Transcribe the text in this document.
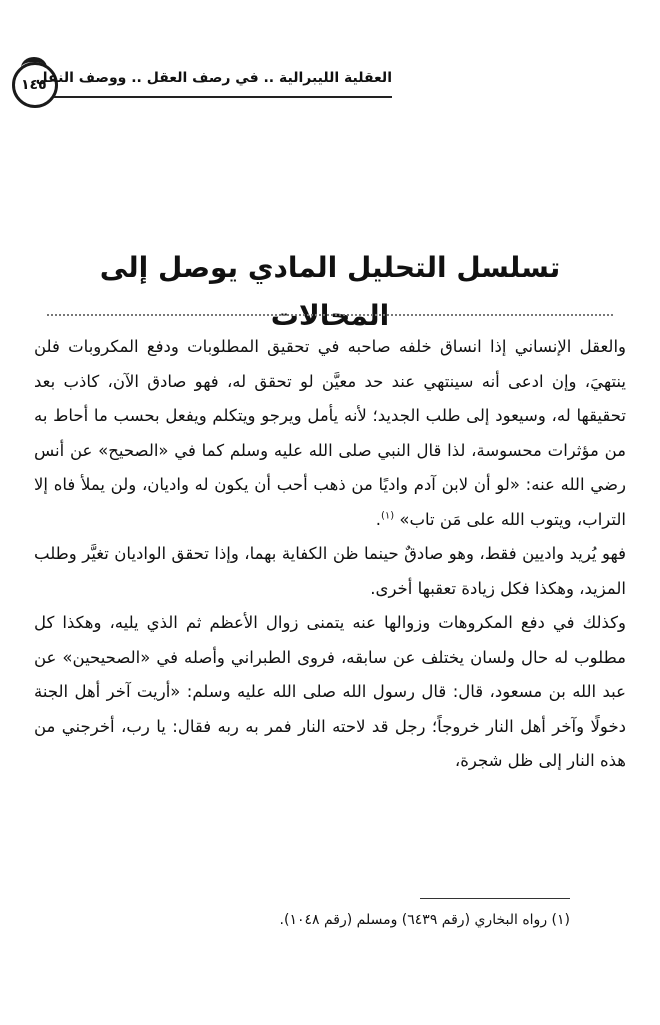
١٤٥
العقلية الليبرالية .. في رصف العقل .. ووصف النقل
تسلسل التحليل المادي يوصل إلى
المحالات

والعقل الإنساني إذا انساق خلفه صاحبه في تحقيق المطلوبات ودفع المكروبات فلن ينتهيَ، وإن ادعى أنه سينتهي عند حد معيَّن لو تحقق له، فهو صادق الآن، كاذب بعد تحقيقها له، وسيعود إلى طلب الجديد؛ لأنه يأمل ويرجو ويتكلم ويفعل بحسب ما أحاط به من مؤثرات محسوسة، لذا قال النبي صلى الله عليه وسلم كما في «الصحيح» عن أنس رضي الله عنه: «لو أن لابن آدم واديًا من ذهب أحب أن يكون له واديان، ولن يملأ فاه إلا التراب، ويتوب الله على مَن تاب» $^{(١)}$.

فهو يُريد واديين فقط، وهو صادقٌ حينما ظن الكفاية بهما، وإذا تحقق الواديان تغيَّر وطلب المزيد، وهكذا فكل زيادة تعقبها أخرى.

وكذلك في دفع المكروهات وزوالها عنه يتمنى زوال الأعظم ثم الذي يليه، وهكذا كل مطلوب له حال ولسان يختلف عن سابقه، فروى الطبراني وأصله في «الصحيحين» عن عبد الله بن مسعود، قال: قال رسول الله صلى الله عليه وسلم: «أريت آخر أهل الجنة دخولًا وآخر أهل النار خروجاً؛ رجل قد لاحته النار فمر به ربه فقال: يا رب، أخرجني من هذه النار إلى ظل شجرة،

(١) رواه البخاري (رقم ٦٤٣٩) ومسلم (رقم ١٠٤٨).
